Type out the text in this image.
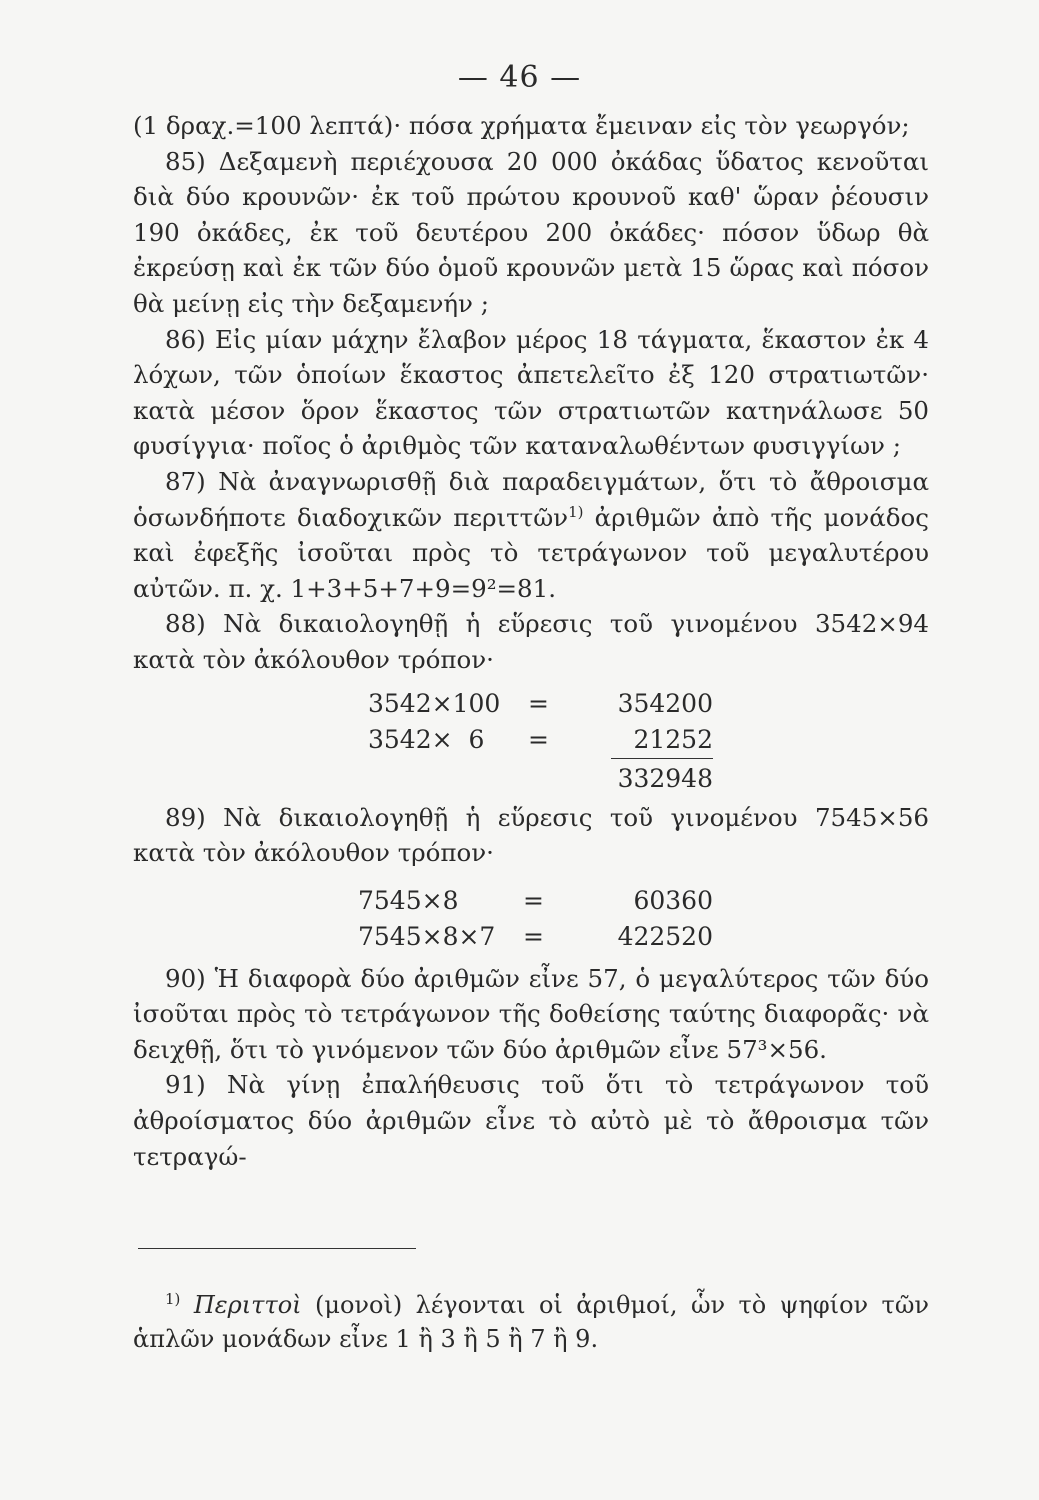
— 46 —

(1 δραχ.=100 λεπτά)· πόσα χρήματα ἔμειναν εἰς τὸν γεωργόν;

85) Δεξαμενὴ περιέχουσα 20 000 ὀκάδας ὕδατος κενοῦται διὰ δύο κρουνῶν· ἐκ τοῦ πρώτου κρουνοῦ καθ' ὥραν ῥέουσιν 190 ὀκάδες, ἐκ τοῦ δευτέρου 200 ὀκάδες· πόσον ὕδωρ θὰ ἐκρεύσῃ καὶ ἐκ τῶν δύο ὁμοῦ κρουνῶν μετὰ 15 ὥρας καὶ πόσον θὰ μείνῃ εἰς τὴν δεξαμενήν ;

86) Εἰς μίαν μάχην ἔλαβον μέρος 18 τάγματα, ἕκαστον ἐκ 4 λόχων, τῶν ὁποίων ἕκαστος ἀπετελεῖτο ἐξ 120 στρατιωτῶν· κατὰ μέσον ὅρον ἕκαστος τῶν στρατιωτῶν κατηνάλωσε 50 φυσίγγια· ποῖος ὁ ἀριθμὸς τῶν καταναλωθέντων φυσιγγίων ;

87) Νὰ ἀναγνωρισθῇ διὰ παραδειγμάτων, ὅτι τὸ ἄθροισμα ὁσωνδήποτε διαδοχικῶν περιττῶν$^{1)}$ ἀριθμῶν ἀπὸ τῆς μονάδος καὶ ἐφεξῆς ἰσοῦται πρὸς τὸ τετράγωνον τοῦ μεγαλυτέρου αὐτῶν. π. χ. 1+3+5+7+9=9²=81.

88) Νὰ δικαιολογηθῇ ἡ εὕρεσις τοῦ γινομένου 3542×94 κατὰ τὸν ἀκόλουθον τρόπον·

3542×100 =	354200
3542×  6 =	21252
332948

89) Νὰ δικαιολογηθῇ ἡ εὕρεσις τοῦ γινομένου 7545×56 κατὰ τὸν ἀκόλουθον τρόπον·

7545×8	=	60360
7545×8×7 =	422520

90) Ἡ διαφορὰ δύο ἀριθμῶν εἶνε 57, ὁ μεγαλύτερος τῶν δύο ἰσοῦται πρὸς τὸ τετράγωνον τῆς δοθείσης ταύτης διαφορᾶς· νὰ δειχθῇ, ὅτι τὸ γινόμενον τῶν δύο ἀριθμῶν εἶνε 57³×56.

91) Νὰ γίνῃ ἐπαλήθευσις τοῦ ὅτι τὸ τετράγωνον τοῦ ἀθροίσματος δύο ἀριθμῶν εἶνε τὸ αὐτὸ μὲ τὸ ἄθροισμα τῶν τετραγώ-

$^{1)}$ Περιττοὶ (μονοὶ) λέγονται οἱ ἀριθμοί, ὧν τὸ ψηφίον τῶν ἁπλῶν μονάδων εἶνε 1 ἢ 3 ἢ 5 ἢ 7 ἢ 9.
